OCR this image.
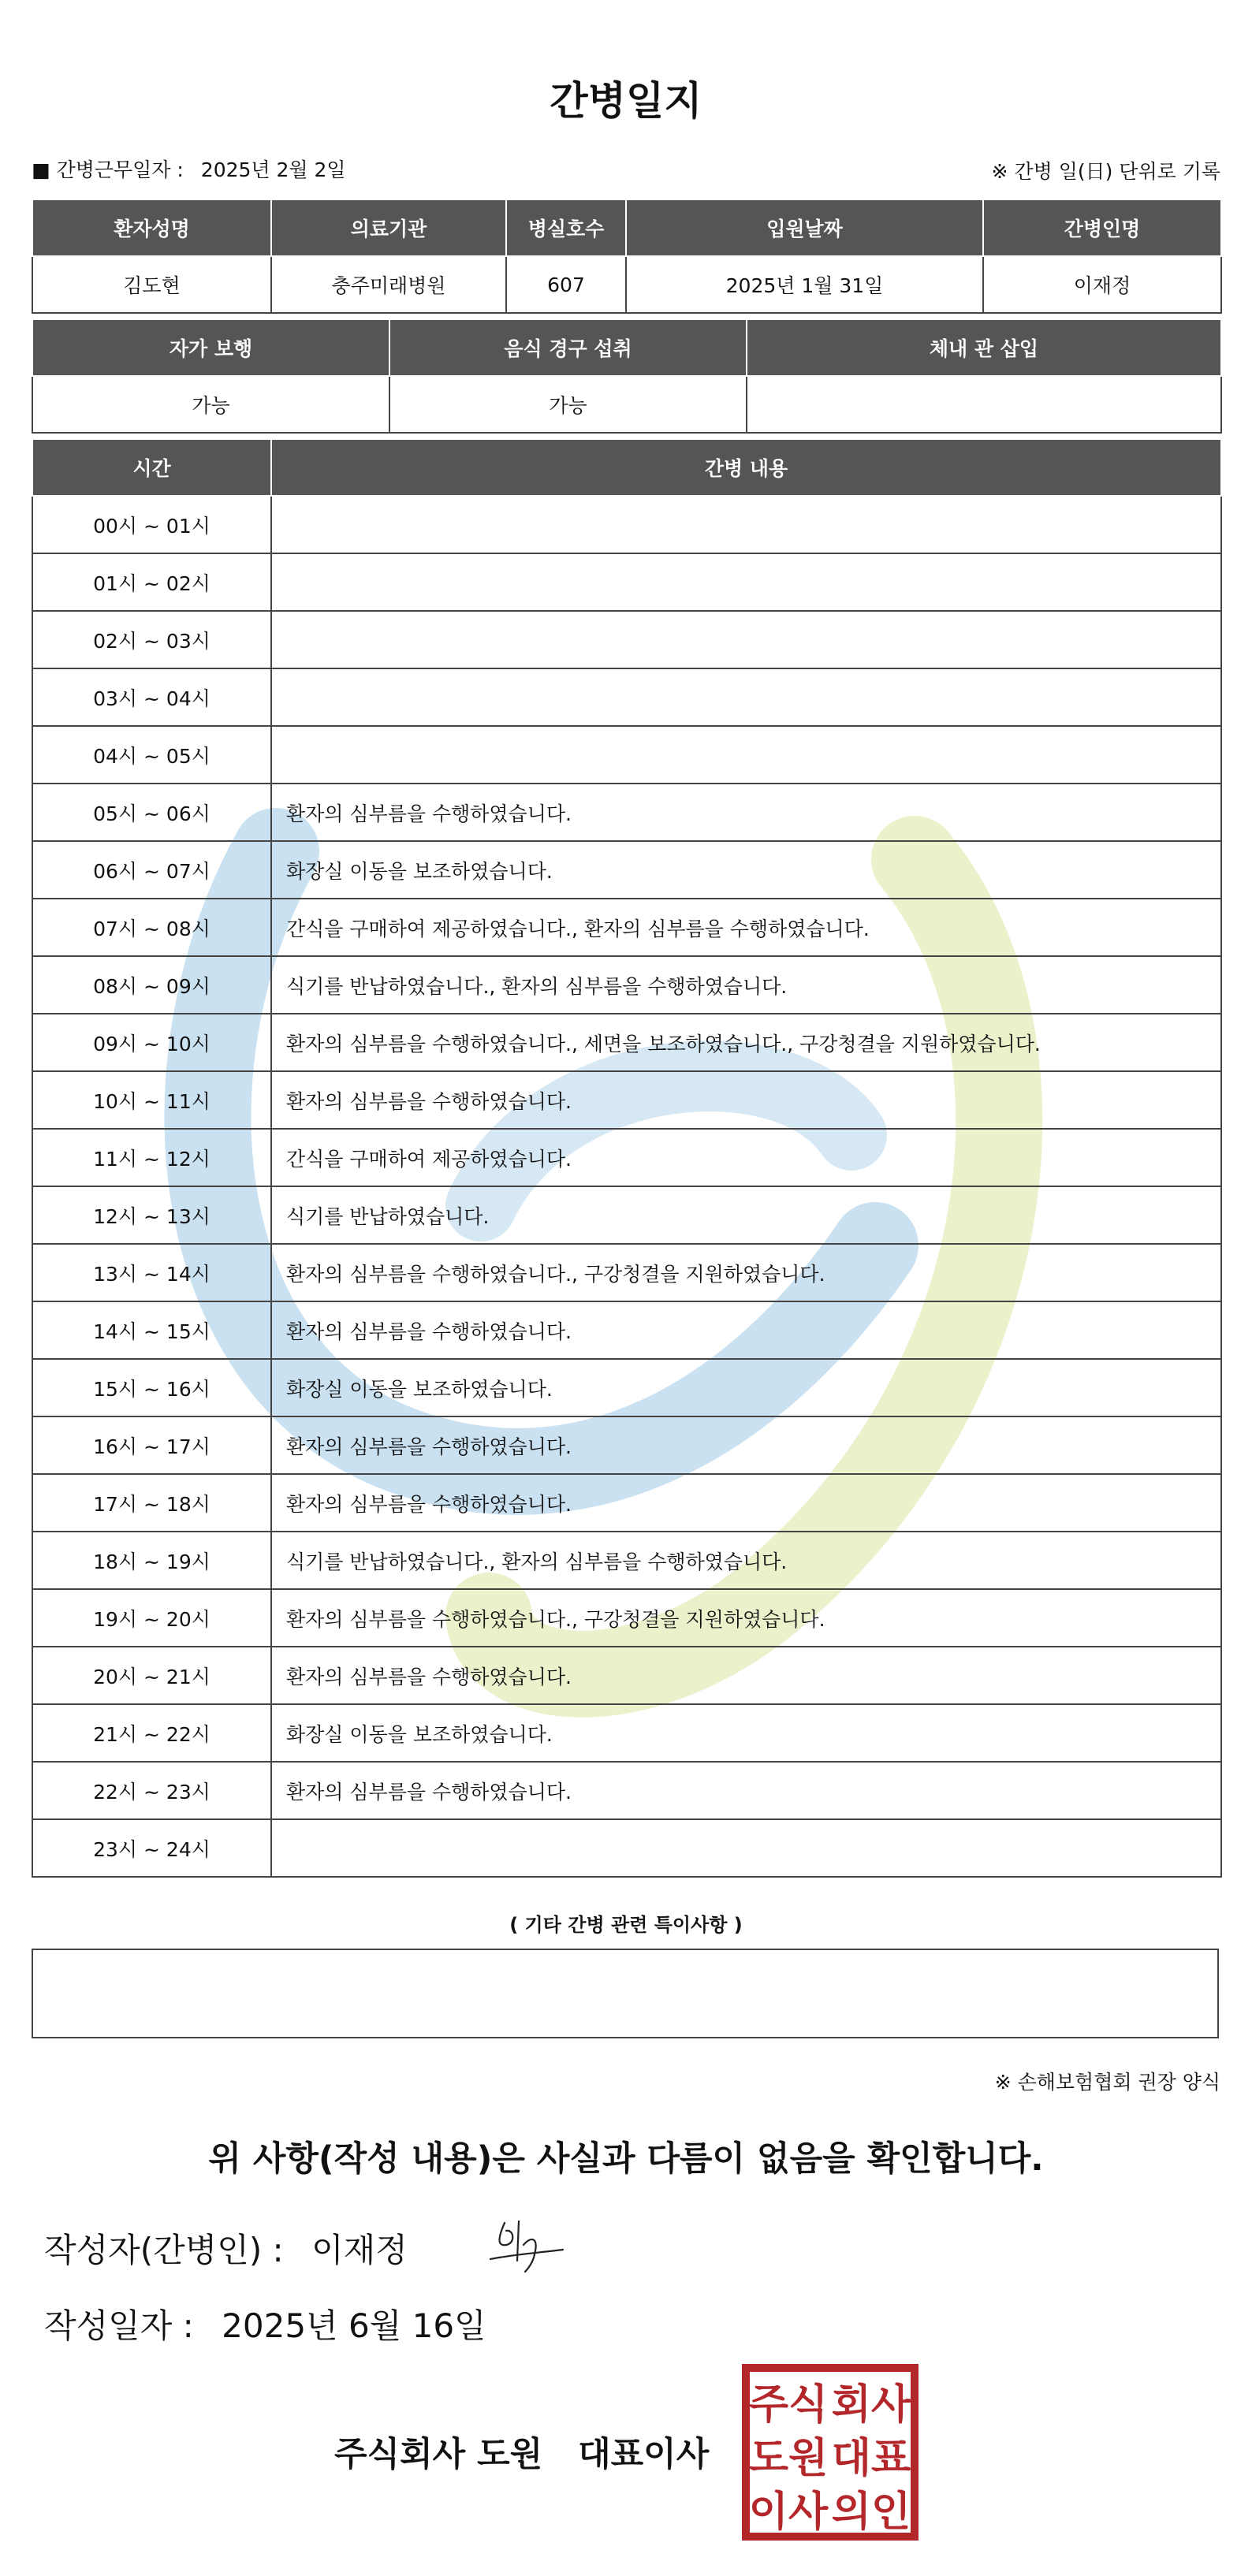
간병일지
■ 간병근무일자 : 2025년 2월 2일	※ 간병 일(日) 단위로 기록
환자성명	의료기관	병실호수	입원날짜	간병인명
김도현	충주미래병원	607	2025년 1월 31일	이재정
자가 보행	음식 경구 섭취	체내 관 삽입
가능	가능	
시간	간병 내용
00시 ~ 01시	
01시 ~ 02시	
02시 ~ 03시	
03시 ~ 04시	
04시 ~ 05시	
05시 ~ 06시	환자의 심부름을 수행하였습니다.
06시 ~ 07시	화장실 이동을 보조하였습니다.
07시 ~ 08시	간식을 구매하여 제공하였습니다., 환자의 심부름을 수행하였습니다.
08시 ~ 09시	식기를 반납하였습니다., 환자의 심부름을 수행하였습니다.
09시 ~ 10시	환자의 심부름을 수행하였습니다., 세면을 보조하였습니다., 구강청결을 지원하였습니다.
10시 ~ 11시	환자의 심부름을 수행하였습니다.
11시 ~ 12시	간식을 구매하여 제공하였습니다.
12시 ~ 13시	식기를 반납하였습니다.
13시 ~ 14시	환자의 심부름을 수행하였습니다., 구강청결을 지원하였습니다.
14시 ~ 15시	환자의 심부름을 수행하였습니다.
15시 ~ 16시	화장실 이동을 보조하였습니다.
16시 ~ 17시	환자의 심부름을 수행하였습니다.
17시 ~ 18시	환자의 심부름을 수행하였습니다.
18시 ~ 19시	식기를 반납하였습니다., 환자의 심부름을 수행하였습니다.
19시 ~ 20시	환자의 심부름을 수행하였습니다., 구강청결을 지원하였습니다.
20시 ~ 21시	환자의 심부름을 수행하였습니다.
21시 ~ 22시	화장실 이동을 보조하였습니다.
22시 ~ 23시	환자의 심부름을 수행하였습니다.
23시 ~ 24시	
( 기타 간병 관련 특이사항 )
※ 손해보험협회 권장 양식
위 사항(작성 내용)은 사실과 다름이 없음을 확인합니다.
작성자(간병인) : 이재정
작성일자 : 2025년 6월 16일
주식회사 도원   대표이사
주식 회사
도원 대표
이사 의인
